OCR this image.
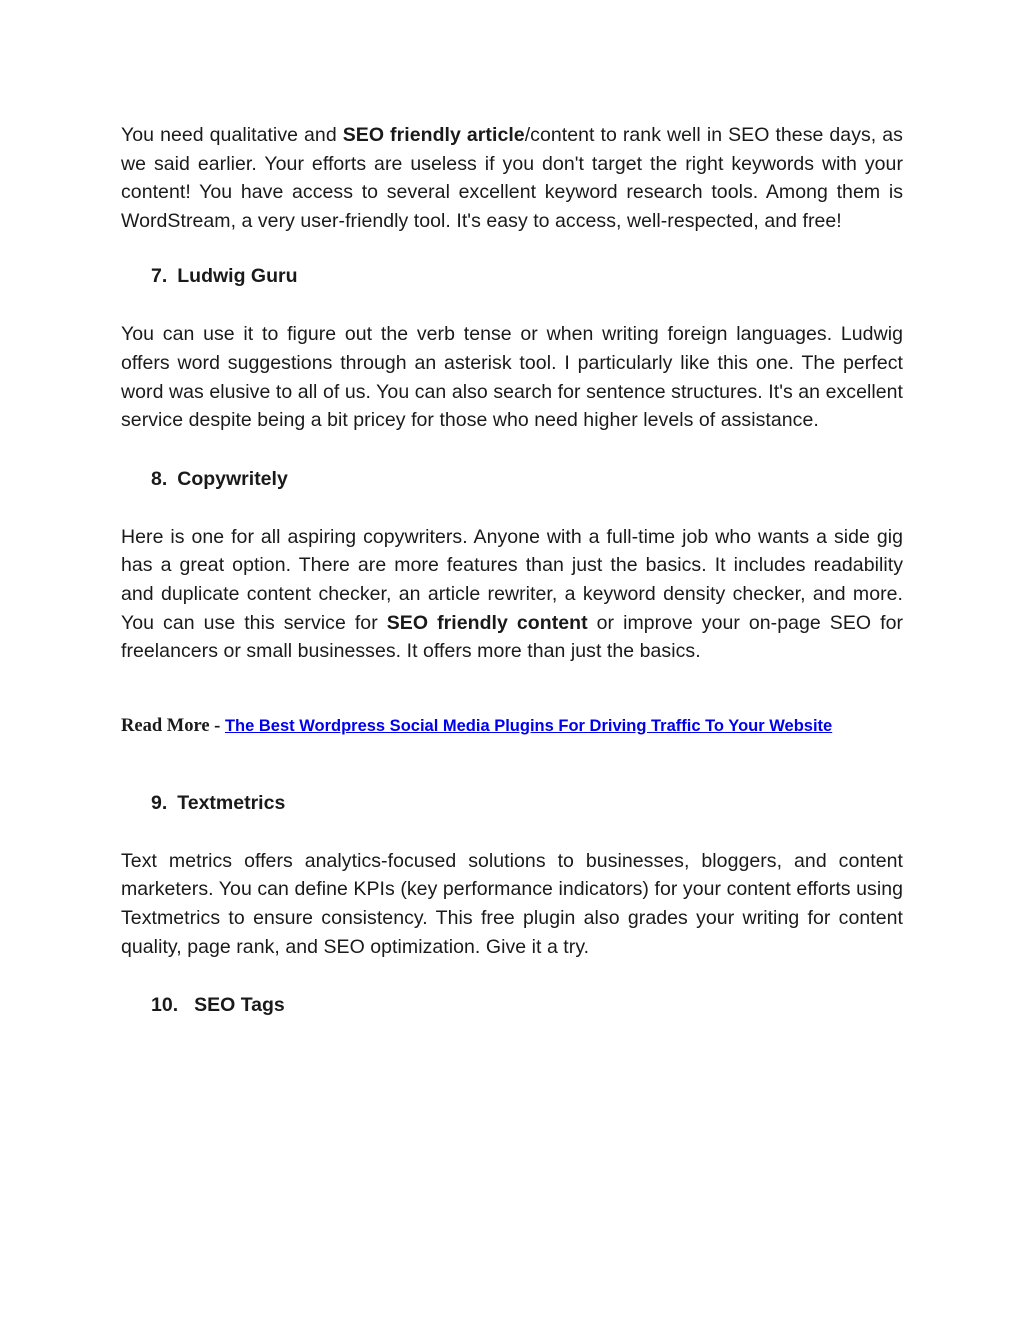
You need qualitative and SEO friendly article/content to rank well in SEO these days, as we said earlier. Your efforts are useless if you don't target the right keywords with your content! You have access to several excellent keyword research tools. Among them is WordStream, a very user-friendly tool. It's easy to access, well-respected, and free!

7. Ludwig Guru

You can use it to figure out the verb tense or when writing foreign languages. Ludwig offers word suggestions through an asterisk tool. I particularly like this one. The perfect word was elusive to all of us. You can also search for sentence structures. It's an excellent service despite being a bit pricey for those who need higher levels of assistance.

8. Copywritely

Here is one for all aspiring copywriters. Anyone with a full-time job who wants a side gig has a great option. There are more features than just the basics. It includes readability and duplicate content checker, an article rewriter, a keyword density checker, and more. You can use this service for SEO friendly content or improve your on-page SEO for freelancers or small businesses. It offers more than just the basics.

Read More - The Best Wordpress Social Media Plugins For Driving Traffic To Your Website

9. Textmetrics

Text metrics offers analytics-focused solutions to businesses, bloggers, and content marketers. You can define KPIs (key performance indicators) for your content efforts using Textmetrics to ensure consistency. This free plugin also grades your writing for content quality, page rank, and SEO optimization. Give it a try.

10. SEO Tags
